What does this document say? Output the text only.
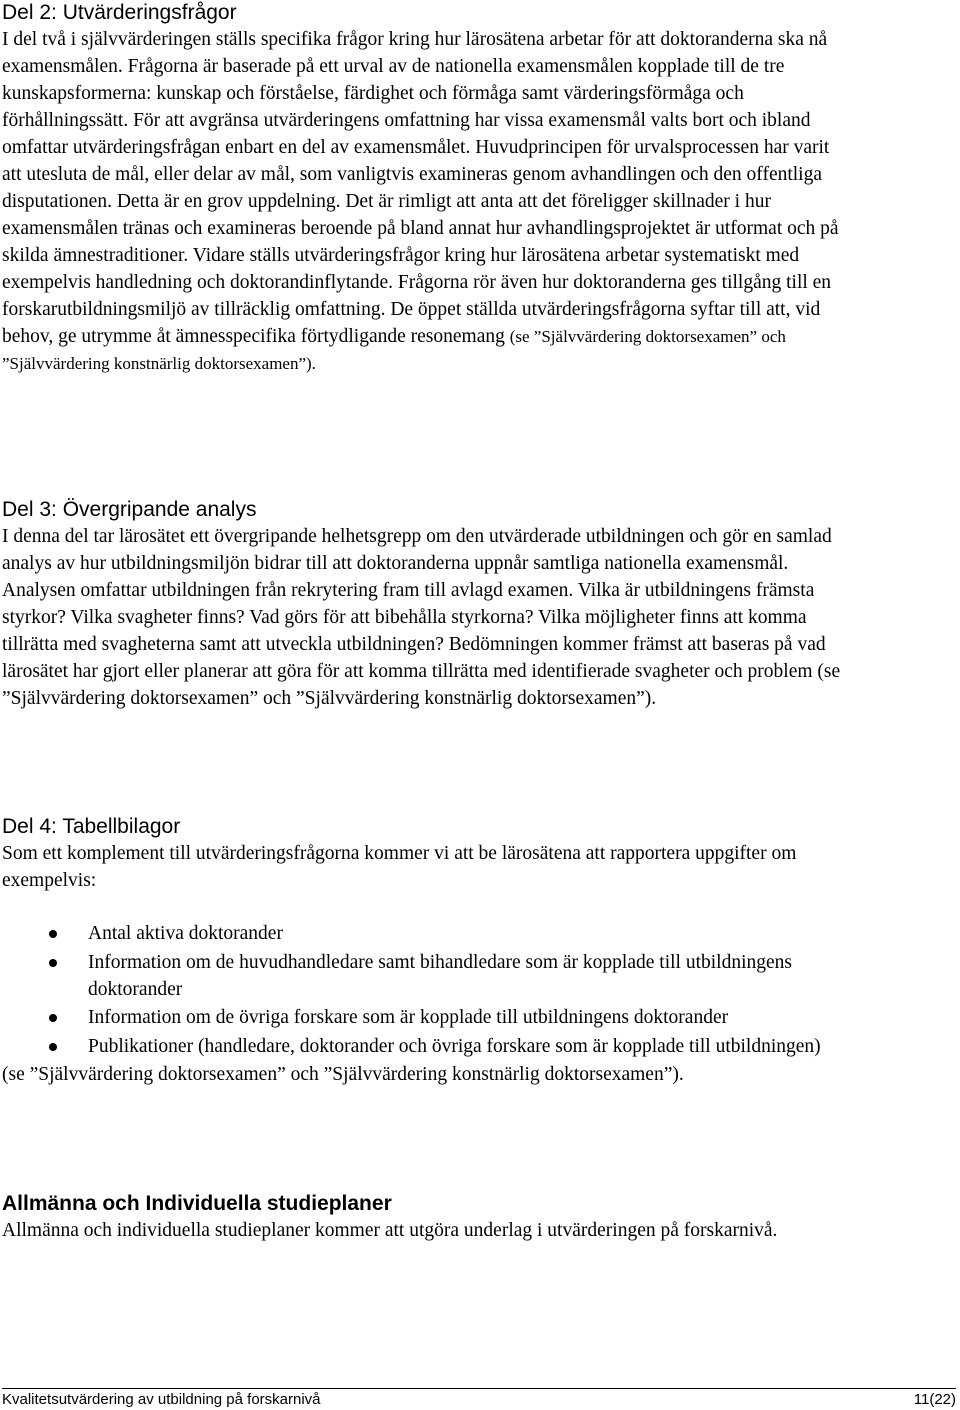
Del 2: Utvärderingsfrågor

I del två i självvärderingen ställs specifika frågor kring hur lärosätena arbetar för att doktoranderna ska nå examensmålen. Frågorna är baserade på ett urval av de nationella examensmålen kopplade till de tre kunskapsformerna: kunskap och förståelse, färdighet och förmåga samt värderingsförmåga och förhållningssätt. För att avgränsa utvärderingens omfattning har vissa examensmål valts bort och ibland omfattar utvärderingsfrågan enbart en del av examensmålet. Huvudprincipen för urvalsprocessen har varit att utesluta de mål, eller delar av mål, som vanligtvis examineras genom avhandlingen och den offentliga disputationen. Detta är en grov uppdelning. Det är rimligt att anta att det föreligger skillnader i hur examensmålen tränas och examineras beroende på bland annat hur avhandlingsprojektet är utformat och på skilda ämnestraditioner. Vidare ställs utvärderingsfrågor kring hur lärosätena arbetar systematiskt med exempelvis handledning och doktorandinflytande. Frågorna rör även hur doktoranderna ges tillgång till en forskarutbildningsmiljö av tillräcklig omfattning. De öppet ställda utvärderingsfrågorna syftar till att, vid behov, ge utrymme åt ämnesspecifika förtydligande resonemang (se ”Självvärdering doktorsexamen” och ”Självvärdering konstnärlig doktorsexamen”).

Del 3: Övergripande analys

I denna del tar lärosätet ett övergripande helhetsgrepp om den utvärderade utbildningen och gör en samlad analys av hur utbildningsmiljön bidrar till att doktoranderna uppnår samtliga nationella examensmål. Analysen omfattar utbildningen från rekrytering fram till avlagd examen. Vilka är utbildningens främsta styrkor? Vilka svagheter finns? Vad görs för att bibehålla styrkorna? Vilka möjligheter finns att komma tillrätta med svagheterna samt att utveckla utbildningen? Bedömningen kommer främst att baseras på vad lärosätet har gjort eller planerar att göra för att komma tillrätta med identifierade svagheter och problem (se ”Självvärdering doktorsexamen” och ”Självvärdering konstnärlig doktorsexamen”).

Del 4: Tabellbilagor

Som ett komplement till utvärderingsfrågorna kommer vi att be lärosätena att rapportera uppgifter om exempelvis:

Antal aktiva doktorander
Information om de huvudhandledare samt bihandledare som är kopplade till utbildningens doktorander
Information om de övriga forskare som är kopplade till utbildningens doktorander
Publikationer (handledare, doktorander och övriga forskare som är kopplade till utbildningen)

(se ”Självvärdering doktorsexamen” och ”Självvärdering konstnärlig doktorsexamen”).

Allmänna och Individuella studieplaner

Allmänna och individuella studieplaner kommer att utgöra underlag i utvärderingen på forskarnivå.

Kvalitetsutvärdering av utbildning på forskarnivå	11(22)
